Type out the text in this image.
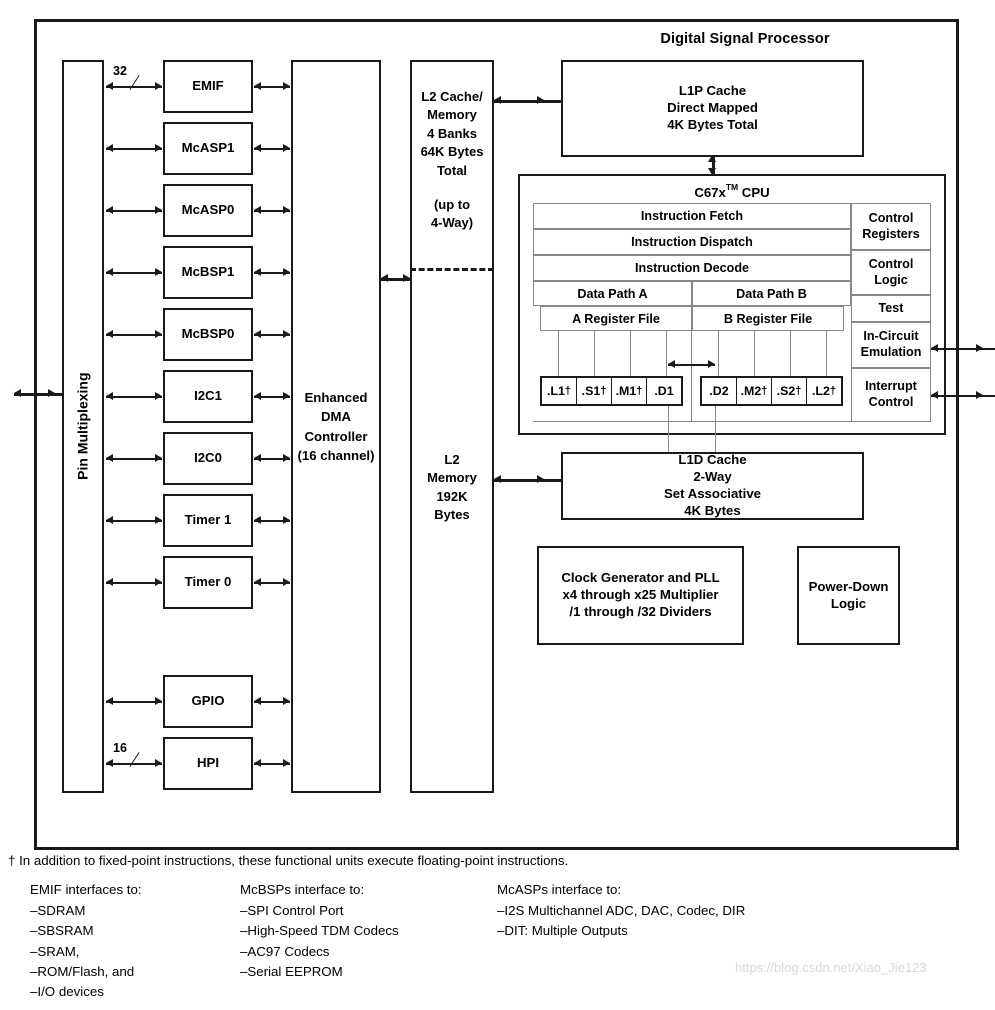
Digital Signal Processor
Pin Multiplexing
EMIF
32
McASP1
McASP0
McBSP1
McBSP0
I2C1
I2C0
Timer 1
Timer 0
GPIO
HPI
16
Enhanced
DMA
Controller
(16 channel)
L2 Cache/
Memory
4 Banks
64K Bytes
Total
(up to
4-Way)
L2
Memory
192K
Bytes
L1P Cache
Direct Mapped
4K Bytes Total
C67x™ CPU
Instruction Fetch
Instruction Dispatch
Instruction Decode
Data Path A	Data Path B
A Register File	B Register File
.L1 † .S1 † .M1 † .D1	.D2 .M2 † .S2 † .L2 †
Control
Registers
Control
Logic
Test
In-Circuit
Emulation
Interrupt
Control
L1D Cache
2-Way
Set Associative
4K Bytes
Clock Generator and PLL
x4 through x25 Multiplier
/1 through /32 Dividers
Power-Down
Logic
† In addition to fixed-point instructions, these functional units execute floating-point instructions.
EMIF interfaces to:
–SDRAM
–SBSRAM
–SRAM,
–ROM/Flash, and
–I/O devices
McBSPs interface to:
–SPI Control Port
–High-Speed TDM Codecs
–AC97 Codecs
–Serial EEPROM
McASPs interface to:
–I2S Multichannel ADC, DAC, Codec, DIR
–DIT: Multiple Outputs
https://blog.csdn.net/Xiao_Jie123
